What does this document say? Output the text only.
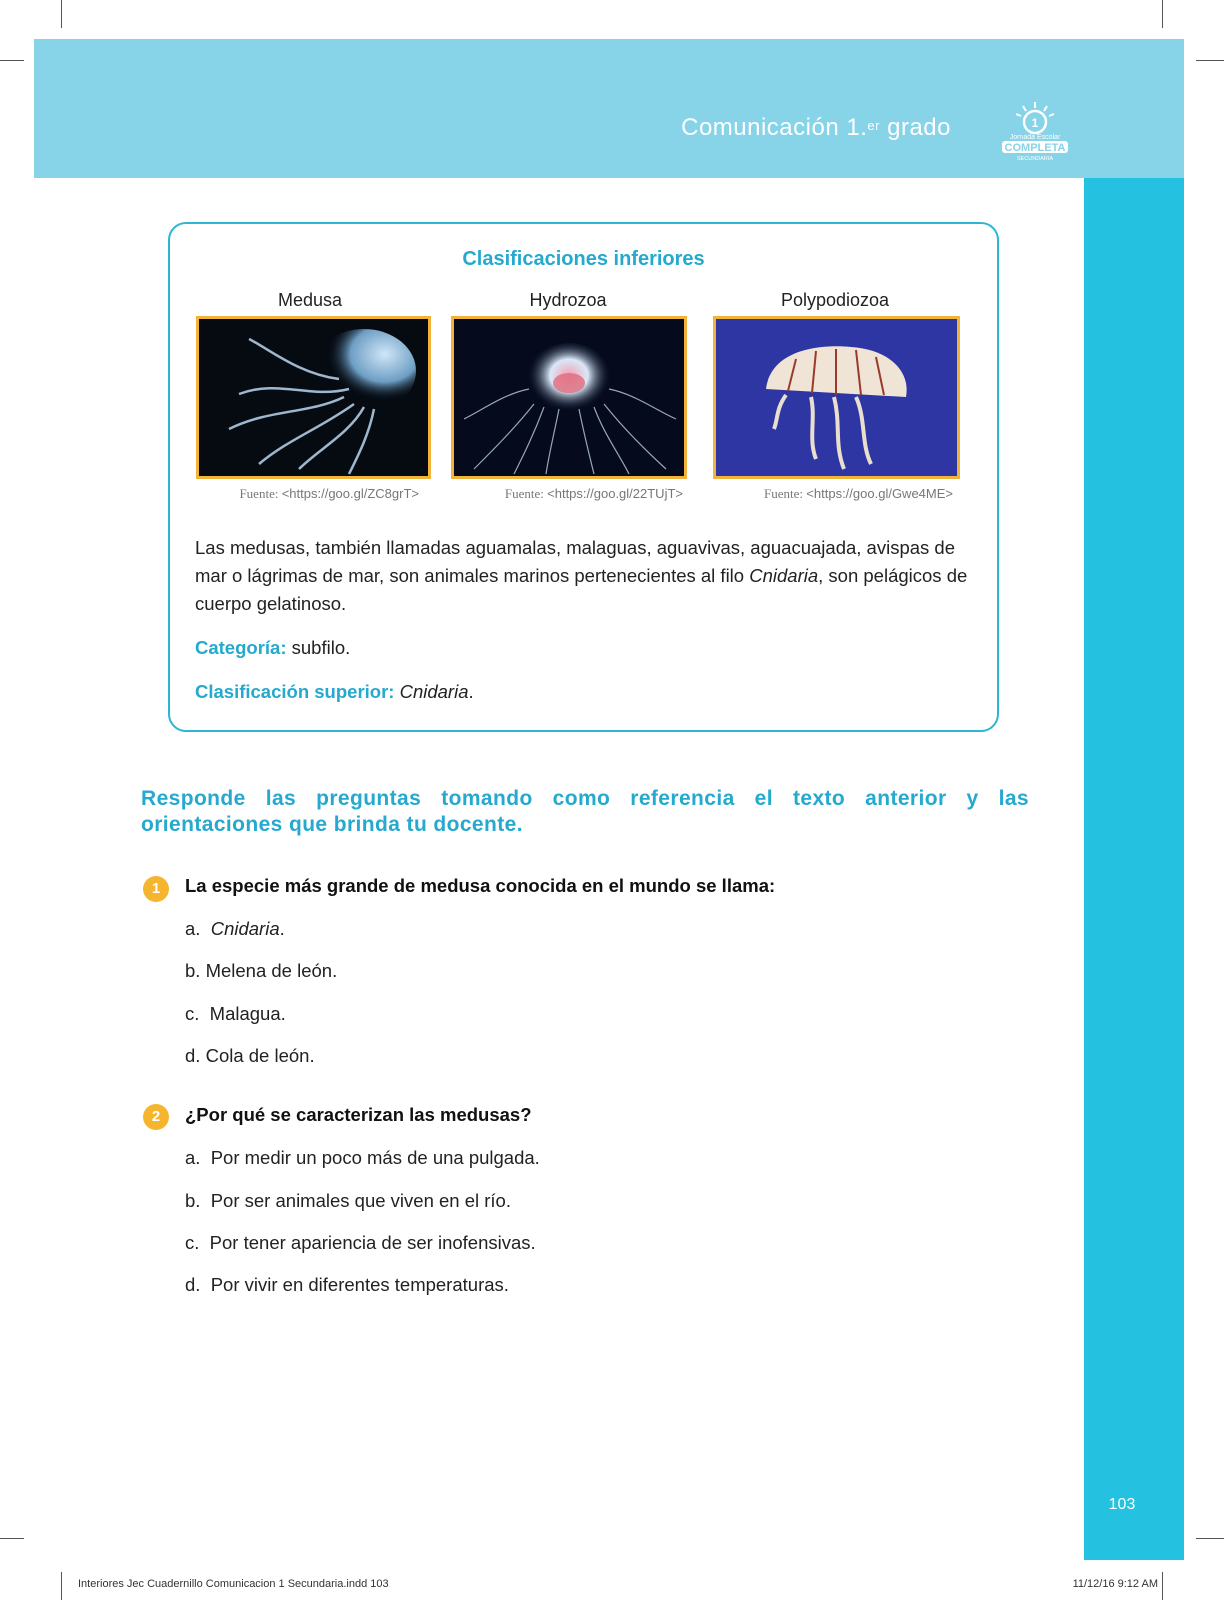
Comunicación 1.$^{er}$ grado	1
Jornada Escolar
COMPLETA
SECUNDARIA
Clasificaciones inferiores
Medusa	Hydrozoa	Polypodiozoa
Fuente: <https://goo.gl/ZC8grT>	Fuente: <https://goo.gl/22TUjT>	Fuente: <https://goo.gl/Gwe4ME>
Las medusas, también llamadas aguamalas, malaguas, aguavivas, aguacuajada, avispas de mar o lágrimas de mar, son animales marinos pertenecientes al filo Cnidaria, son pelágicos de cuerpo gelatinoso.
Categoría: subfilo.
Clasificación superior: Cnidaria.
Responde las preguntas tomando como referencia el texto anterior y las orientaciones que brinda tu docente.
1	La especie más grande de medusa conocida en el mundo se llama:
a. Cnidaria.
b. Melena de león.
c. Malagua.
d. Cola de león.
2	¿Por qué se caracterizan las medusas?
a. Por medir un poco más de una pulgada.
b. Por ser animales que viven en el río.
c. Por tener apariencia de ser inofensivas.
d. Por vivir en diferentes temperaturas.
103
Interiores Jec Cuadernillo Comunicacion 1 Secundaria.indd 103	11/12/16 9:12 AM
